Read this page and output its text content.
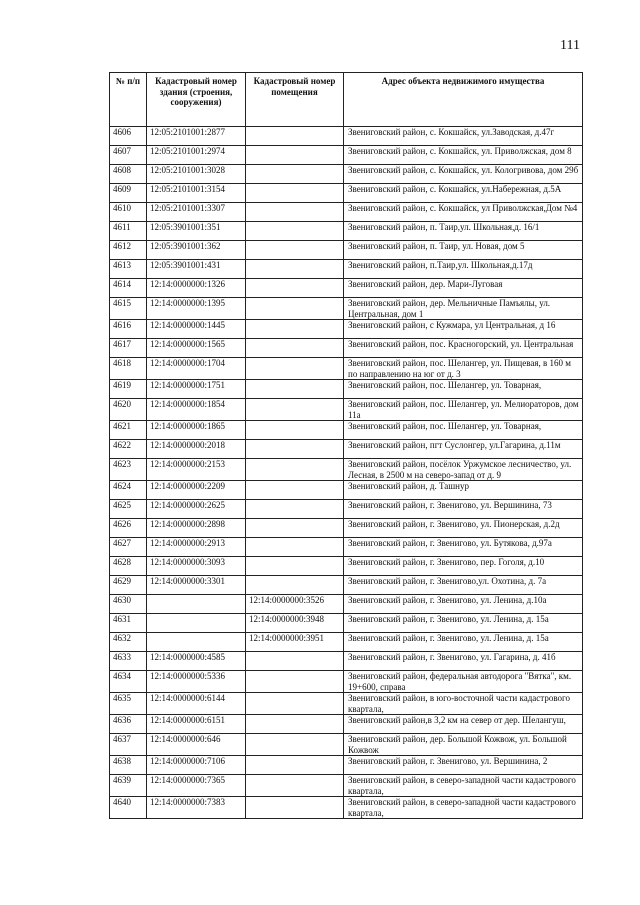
111
№ п/п	Кадастровый номер здания (строения, сооружения)	Кадастровый номер помещения	Адрес объекта недвижимого имущества
4606	12:05:2101001:2877		Звениговский район, с. Кокшайск, ул.Заводская, д.47г
4607	12:05:2101001:2974		Звениговский район, с. Кокшайск, ул. Приволжская, дом 8
4608	12:05:2101001:3028		Звениговский район, с. Кокшайск, ул. Кологривова, дом 29б
4609	12:05:2101001:3154		Звениговский район, с. Кокшайск, ул.Набережная, д.5А
4610	12:05:2101001:3307		Звениговский район, с. Кокшайск, ул Приволжская,Дом №4
4611	12:05:3901001:351		Звениговский район, п. Таир,ул. Школьная,д. 16/1
4612	12:05:3901001:362		Звениговский район, п. Таир, ул. Новая, дом 5
4613	12:05:3901001:431		Звениговский район, п.Таир,ул. Школьная,д.17д
4614	12:14:0000000:1326		Звениговский район, дер. Мари-Луговая
4615	12:14:0000000:1395		Звениговский район, дер. Мельничные Памъялы, ул. Центральная, дом 1
4616	12:14:0000000:1445		Звениговский район, с Кужмара, ул Центральная, д 16
4617	12:14:0000000:1565		Звениговский район, пос. Красногорский, ул. Центральная
4618	12:14:0000000:1704		Звениговский район, пос. Шелангер, ул. Пищевая, в 160 м по направлению на юг от д. 3
4619	12:14:0000000:1751		Звениговский район, пос. Шелангер, ул. Товарная,
4620	12:14:0000000:1854		Звениговский район, пос. Шелангер, ул. Мелиораторов, дом 11а
4621	12:14:0000000:1865		Звениговский район, пос. Шелангер, ул. Товарная,
4622	12:14:0000000:2018		Звениговский район, пгт Суслонгер, ул.Гагарина, д.11м
4623	12:14:0000000:2153		Звениговский район, посёлок Уржумское лесничество, ул. Лесная, в 2500 м на северо-запад от д. 9
4624	12:14:0000000:2209		Звениговский район, д. Ташнур
4625	12:14:0000000:2625		Звениговский район, г. Звенигово, ул. Вершинина, 73
4626	12:14:0000000:2898		Звениговский район, г. Звенигово, ул. Пионерская, д.2д
4627	12:14:0000000:2913		Звениговский район, г. Звенигово, ул. Бутякова, д.97а
4628	12:14:0000000:3093		Звениговский район, г. Звенигово, пер. Гоголя, д.10
4629	12:14:0000000:3301		Звениговский район, г. Звенигово,ул. Охотина, д. 7а
4630		12:14:0000000:3526	Звениговский район, г. Звенигово, ул. Ленина, д.10а
4631		12:14:0000000:3948	Звениговский район, г. Звенигово, ул. Ленина, д. 15а
4632		12:14:0000000:3951	Звениговский район, г. Звенигово, ул. Ленина, д. 15а
4633	12:14:0000000:4585		Звениговский район, г. Звенигово, ул. Гагарина, д. 41б
4634	12:14:0000000:5336		Звениговский район, федеральная автодорога "Вятка", км. 19+600, справа
4635	12:14:0000000:6144		Звениговский район, в юго-восточной части кадастрового квартала,
4636	12:14:0000000:6151		Звениговский район,в 3,2 км на север от дер. Шелангуш,
4637	12:14:0000000:646		Звениговский район, дер. Большой Кожвож, ул. Большой Кожвож
4638	12:14:0000000:7106		Звениговский район, г. Звенигово, ул. Вершинина, 2
4639	12:14:0000000:7365		Звениговский район, в северо-западной части кадастрового квартала,
4640	12:14:0000000:7383		Звениговский район, в северо-западной части кадастрового квартала,
